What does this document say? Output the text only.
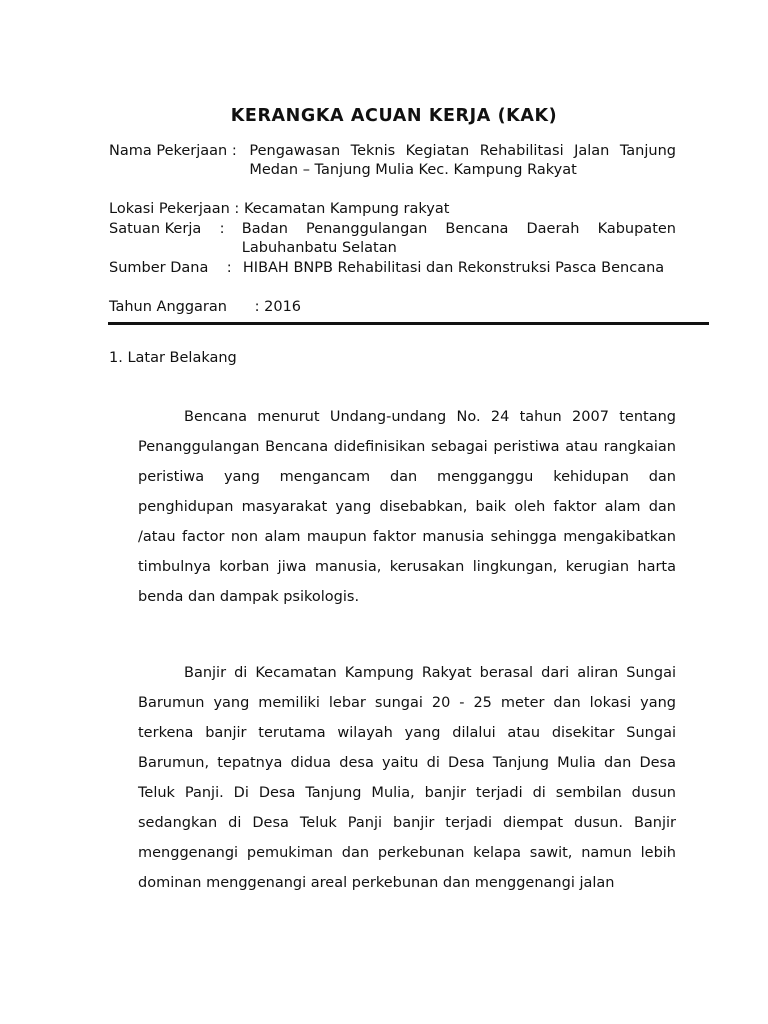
KERANGKA ACUAN KERJA (KAK)
Nama Pekerjaan : Pengawasan Teknis Kegiatan Rehabilitasi Jalan Tanjung Medan – Tanjung Mulia Kec. Kampung Rakyat
Lokasi Pekerjaan : Kecamatan Kampung rakyat
Satuan Kerja : Badan Penanggulangan Bencana Daerah Kabupaten Labuhanbatu Selatan
Sumber Dana : HIBAH BNPB Rehabilitasi dan Rekonstruksi Pasca Bencana
Tahun Anggaran : 2016
1. Latar Belakang

Bencana menurut Undang-undang No. 24 tahun 2007 tentang Penanggulangan Bencana didefinisikan sebagai peristiwa atau rangkaian peristiwa yang mengancam dan mengganggu kehidupan dan penghidupan masyarakat yang disebabkan, baik oleh faktor alam dan /atau factor non alam maupun faktor manusia sehingga mengakibatkan timbulnya korban jiwa manusia, kerusakan lingkungan, kerugian harta benda dan dampak psikologis.

Banjir di Kecamatan Kampung Rakyat berasal dari aliran Sungai Barumun yang memiliki lebar sungai 20 - 25 meter dan lokasi yang terkena banjir terutama wilayah yang dilalui atau disekitar Sungai Barumun, tepatnya didua desa yaitu di Desa Tanjung Mulia dan Desa Teluk Panji. Di Desa Tanjung Mulia, banjir terjadi di sembilan dusun sedangkan di Desa Teluk Panji banjir terjadi diempat dusun. Banjir menggenangi pemukiman dan perkebunan kelapa sawit, namun lebih dominan menggenangi areal perkebunan dan menggenangi jalan
